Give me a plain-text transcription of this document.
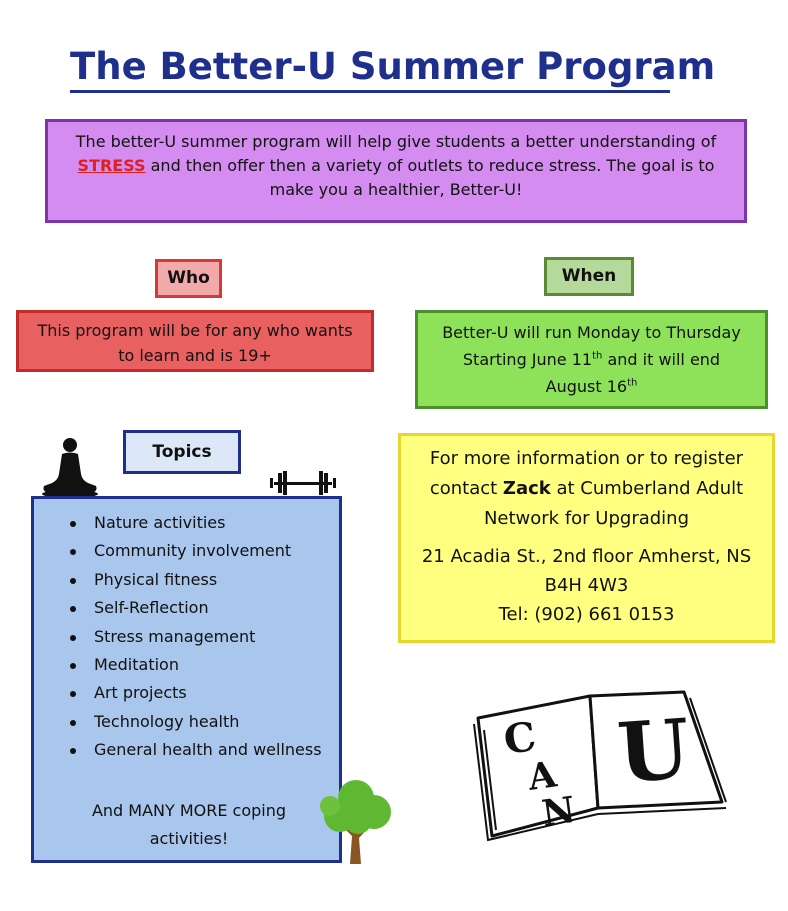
The Better-U Summer Program
The better-U summer program will help give students a better understanding of
STRESS and then offer then a variety of outlets to reduce stress. The goal is to make you a healthier, Better-U!
Who	When
This program will be for any who wants to learn and is 19+
Better-U will run Monday to Thursday
Starting June 11th and it will end
August 16th
Nature activities
Community involvement
Physical fitness
Self-Reflection
Stress management
Meditation
Art projects
Technology health
General health and wellness
And MANY MORE coping activities!
Topics	For more information or to register contact Zack at Cumberland Adult Network for Upgrading

21 Acadia St., 2nd floor Amherst, NS
B4H 4W3
Tel: (902) 661 0153

C
A
N
U
